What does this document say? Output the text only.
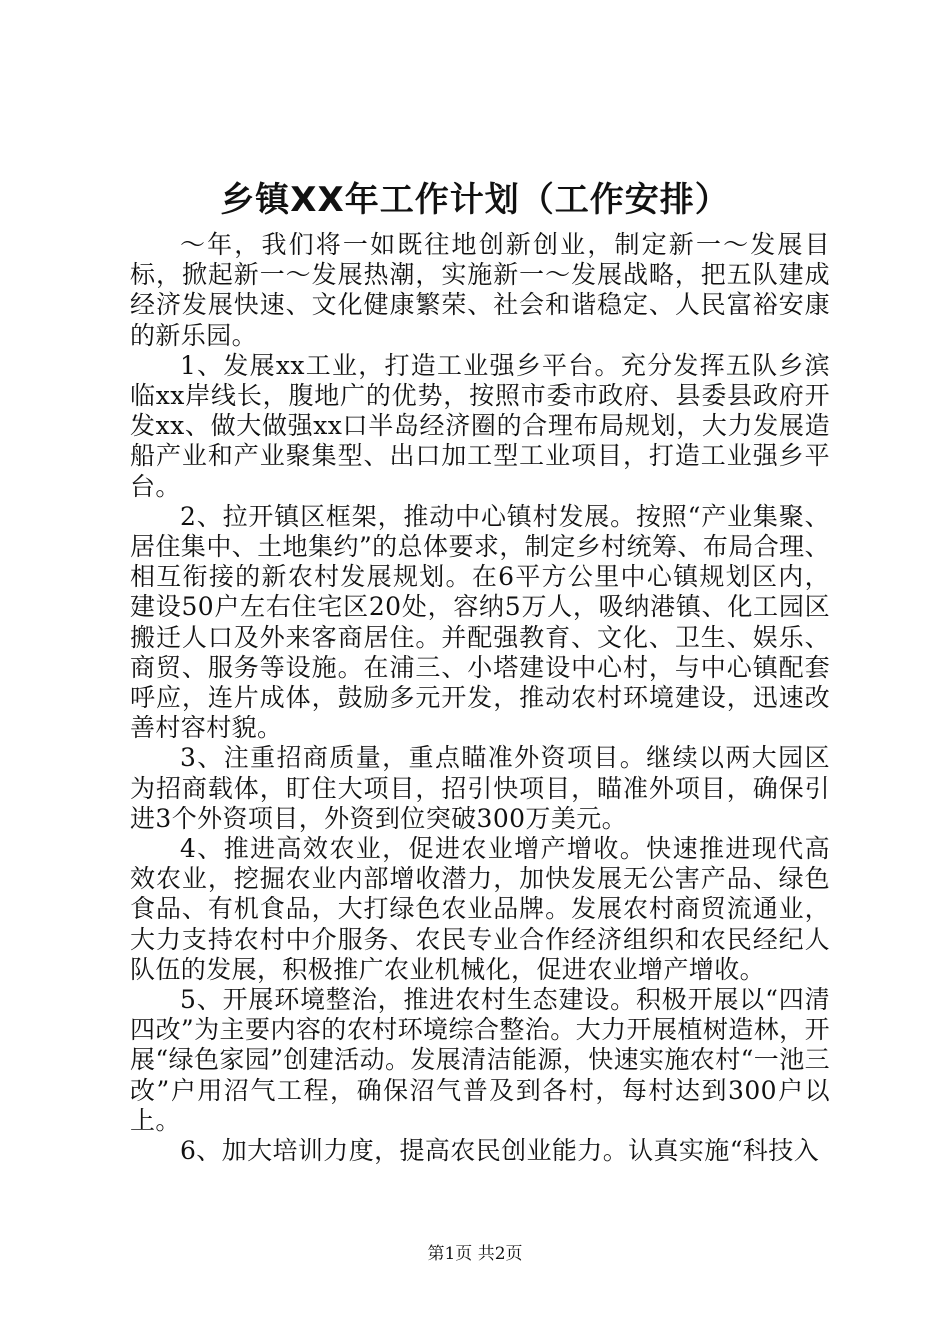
乡镇XX年工作计划（工作安排）

～年，我们将一如既往地创新创业，制定新一～发展目标，掀起新一～发展热潮，实施新一～发展战略，把五队建成经济发展快速、文化健康繁荣、社会和谐稳定、人民富裕安康的新乐园。

1、发展xx工业，打造工业强乡平台。充分发挥五队乡滨临xx岸线长，腹地广的优势，按照市委市政府、县委县政府开发xx、做大做强xx口半岛经济圈的合理布局规划，大力发展造船产业和产业聚集型、出口加工型工业项目，打造工业强乡平台。

2、拉开镇区框架，推动中心镇村发展。按照“产业集聚、居住集中、土地集约”的总体要求，制定乡村统筹、布局合理、相互衔接的新农村发展规划。在6平方公里中心镇规划区内，建设50户左右住宅区20处，容纳5万人，吸纳港镇、化工园区搬迁人口及外来客商居住。并配强教育、文化、卫生、娱乐、商贸、服务等设施。在浦三、小塔建设中心村，与中心镇配套呼应，连片成体，鼓励多元开发，推动农村环境建设，迅速改善村容村貌。

3、注重招商质量，重点瞄准外资项目。继续以两大园区为招商载体，盯住大项目，招引快项目，瞄准外项目，确保引进3个外资项目，外资到位突破300万美元。

4、推进高效农业，促进农业增产增收。快速推进现代高效农业，挖掘农业内部增收潜力，加快发展无公害产品、绿色食品、有机食品，大打绿色农业品牌。发展农村商贸流通业，大力支持农村中介服务、农民专业合作经济组织和农民经纪人队伍的发展，积极推广农业机械化，促进农业增产增收。

5、开展环境整治，推进农村生态建设。积极开展以“四清四改”为主要内容的农村环境综合整治。大力开展植树造林，开展“绿色家园”创建活动。发展清洁能源，快速实施农村“一池三改”户用沼气工程，确保沼气普及到各村，每村达到300户以上。

6、加大培训力度，提高农民创业能力。认真实施“科技入

第1页 共2页
